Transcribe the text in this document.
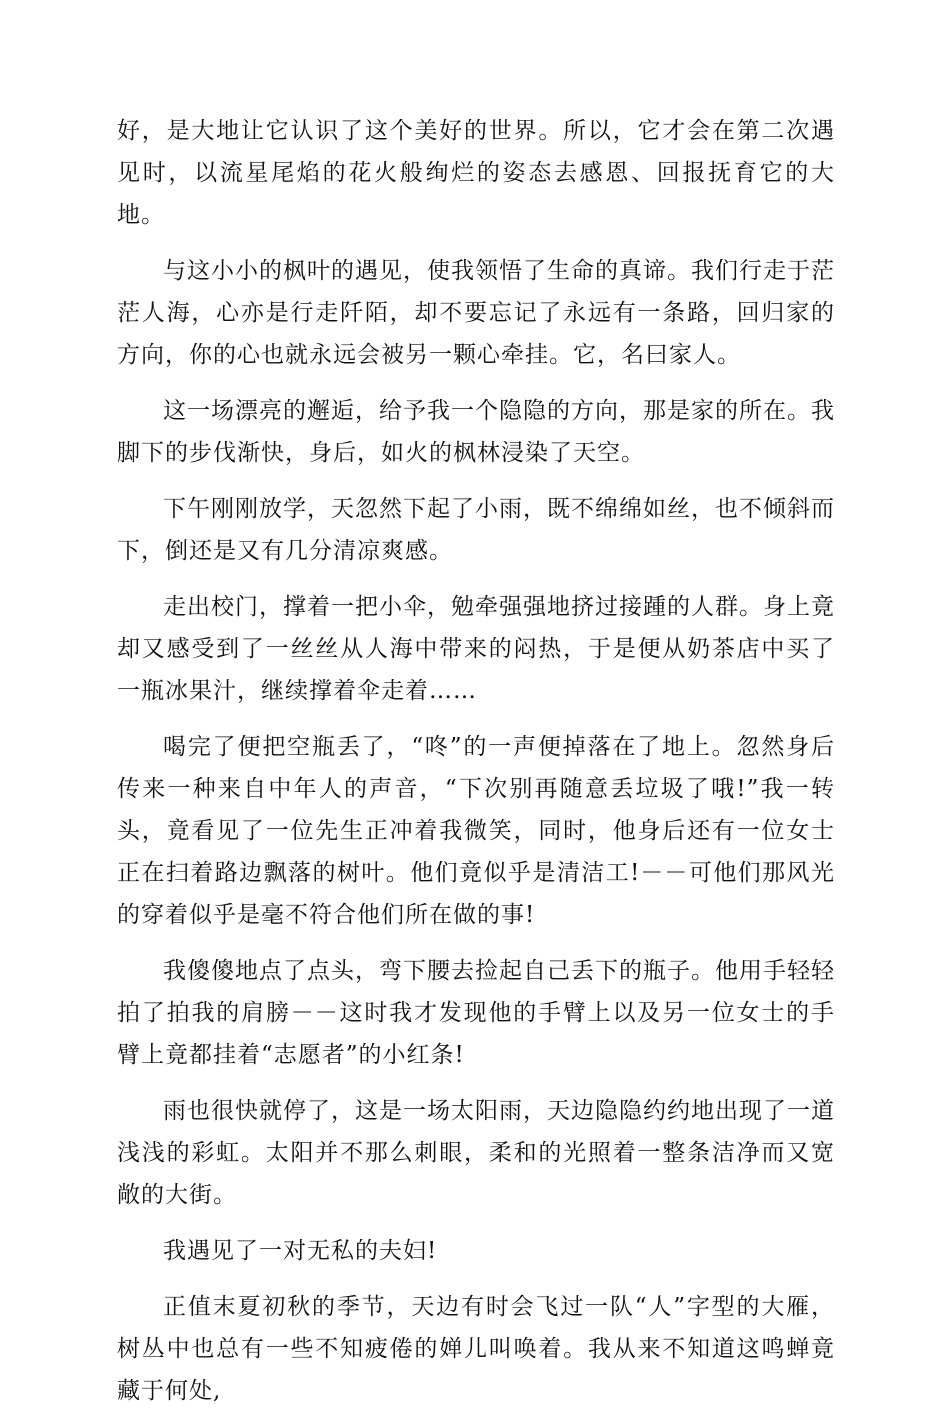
好，是大地让它认识了这个美好的世界。所以，它才会在第二次遇见时，以流星尾焰的花火般绚烂的姿态去感恩、回报抚育它的大地。

与这小小的枫叶的遇见，使我领悟了生命的真谛。我们行走于茫茫人海，心亦是行走阡陌，却不要忘记了永远有一条路，回归家的方向，你的心也就永远会被另一颗心牵挂。它，名曰家人。

这一场漂亮的邂逅，给予我一个隐隐的方向，那是家的所在。我脚下的步伐渐快，身后，如火的枫林浸染了天空。

下午刚刚放学，天忽然下起了小雨，既不绵绵如丝，也不倾斜而下，倒还是又有几分清凉爽感。

走出校门，撑着一把小伞，勉牵强强地挤过接踵的人群。身上竟却又感受到了一丝丝从人海中带来的闷热，于是便从奶茶店中买了一瓶冰果汁，继续撑着伞走着……

喝完了便把空瓶丢了，“咚”的一声便掉落在了地上。忽然身后传来一种来自中年人的声音，“下次别再随意丢垃圾了哦!”我一转头，竟看见了一位先生正冲着我微笑，同时，他身后还有一位女士正在扫着路边飘落的树叶。他们竟似乎是清洁工!－－可他们那风光的穿着似乎是毫不符合他们所在做的事!

我傻傻地点了点头，弯下腰去捡起自己丢下的瓶子。他用手轻轻拍了拍我的肩膀－－这时我才发现他的手臂上以及另一位女士的手臂上竟都挂着“志愿者”的小红条!

雨也很快就停了，这是一场太阳雨，天边隐隐约约地出现了一道浅浅的彩虹。太阳并不那么刺眼，柔和的光照着一整条洁净而又宽敞的大街。

我遇见了一对无私的夫妇!

正值末夏初秋的季节，天边有时会飞过一队“人”字型的大雁，树丛中也总有一些不知疲倦的婵儿叫唤着。我从来不知道这鸣蝉竟藏于何处,
